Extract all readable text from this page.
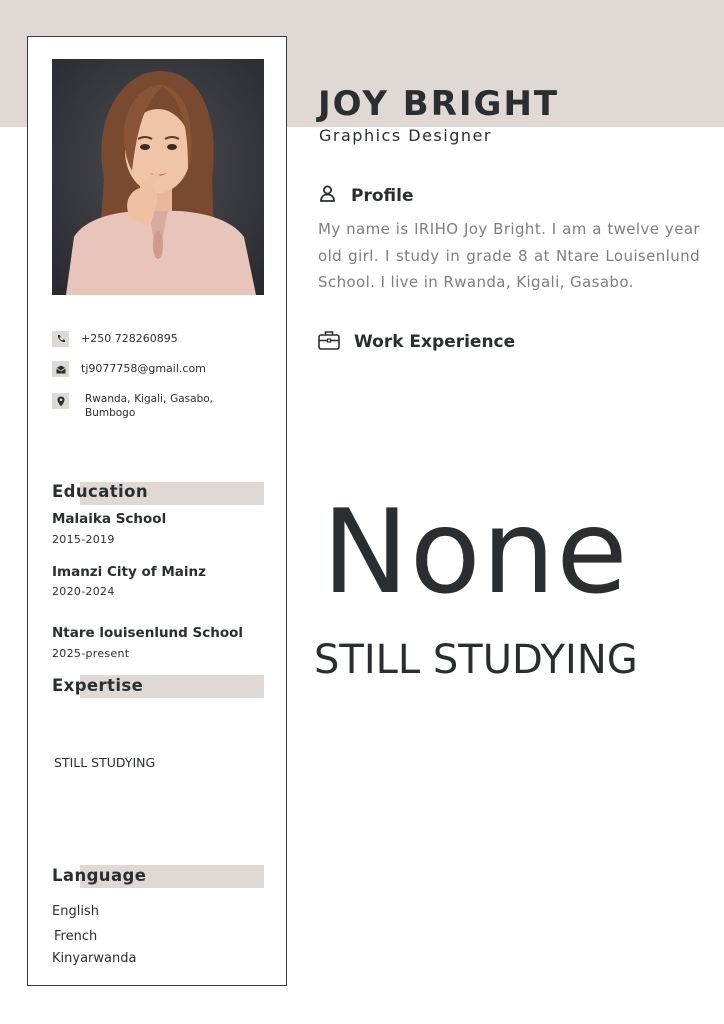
+250 728260895
tj9077758@gmail.com
Rwanda, Kigali, Gasabo, Bumbogo
Education
Malaika School
2015-2019
Imanzi City of Mainz
2020-2024
Ntare louisenlund School
2025-present
Expertise
STILL STUDYING
Language
English
French
Kinyarwanda
JOY BRIGHT
Graphics Designer
Profile

My name is IRIHO Joy Bright. I am a twelve year old girl. I study in grade 8 at Ntare Louisenlund School. I live in Rwanda, Kigali, Gasabo.

Work Experience
None
STILL STUDYING
